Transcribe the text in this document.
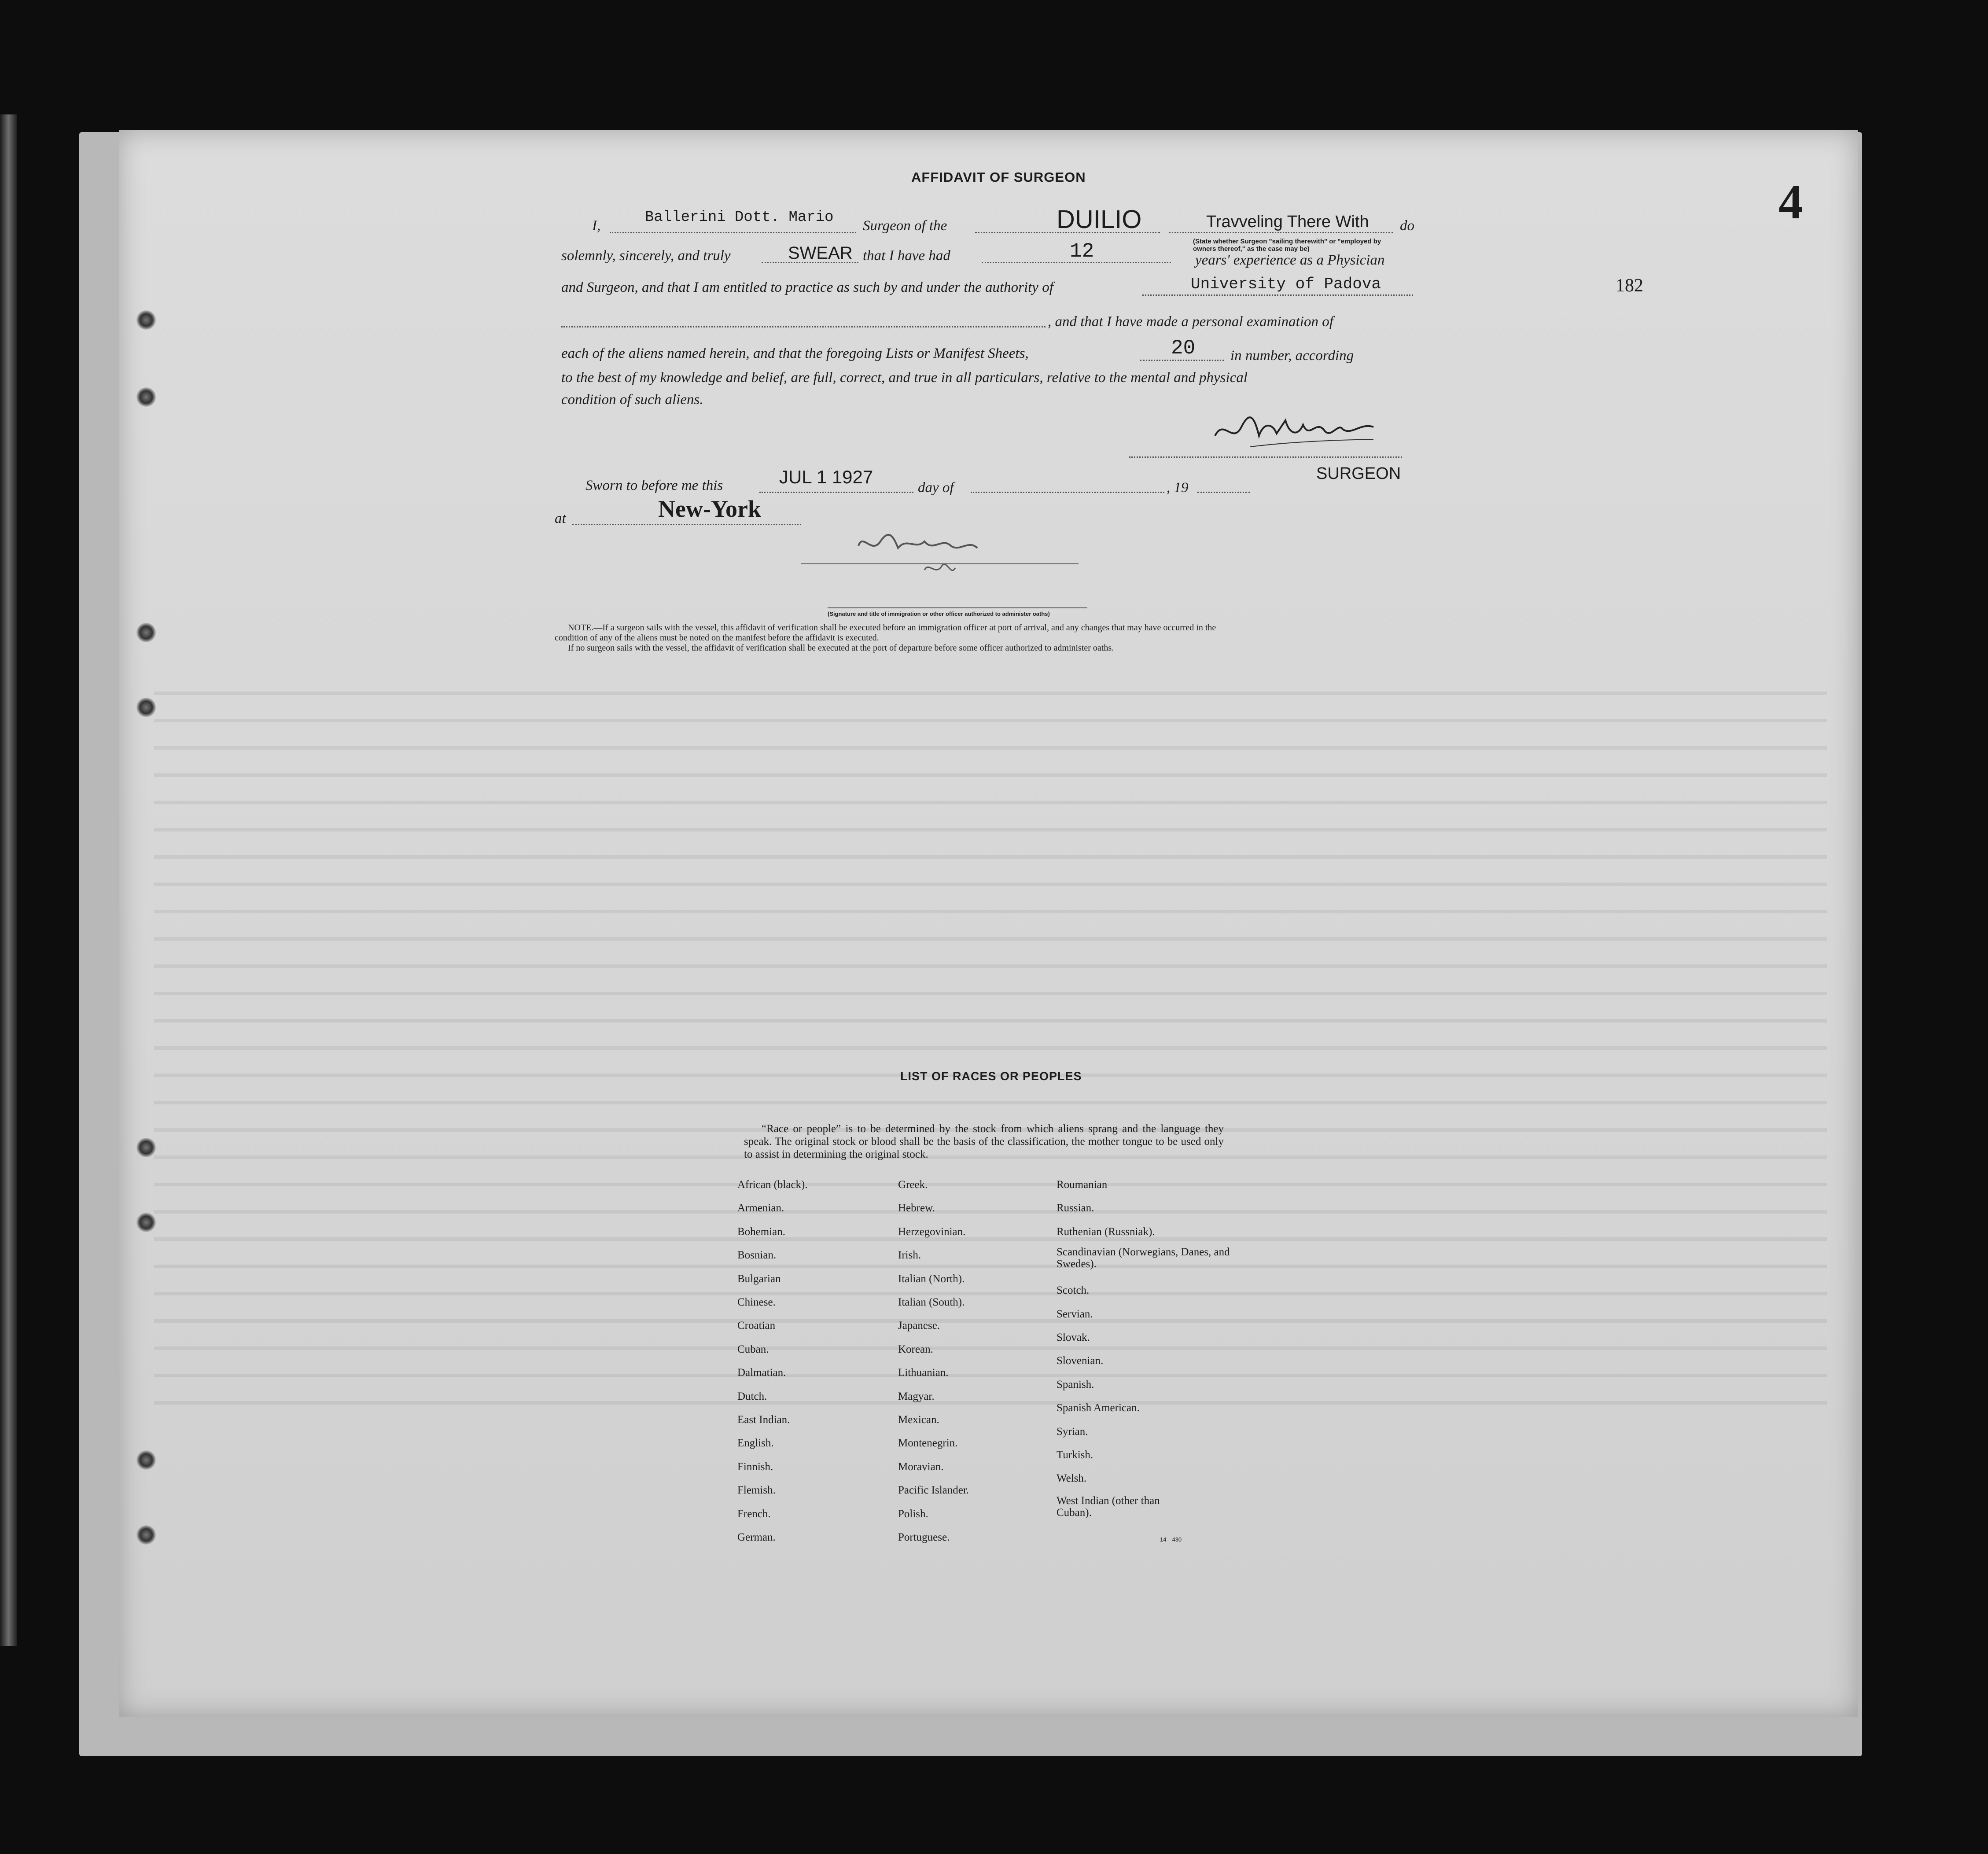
AFFIDAVIT OF SURGEON	4
182
I,	Ballerini Dott. Mario Surgeon of the	DUILIO	Travveling There With do
(State whether Surgeon "sailing therewith" or "employed by owners thereof," as the case may be)
solemnly, sincerely, and truly	SWEAR that I have had	12	years' experience as a Physician
and Surgeon, and that I am entitled to practice as such by and under the authority of	University of Padova
, and that I have made a personal examination of
each of the aliens named herein, and that the foregoing Lists or Manifest Sheets,	20 in number, according
to the best of my knowledge and belief, are full, correct, and true in all particulars, relative to the mental and physical
condition of such aliens.
SURGEON
Sworn to before me this	JUL 1 1927
day of	, 19
at	New-York
(Signature and title of immigration or other officer authorized to administer oaths)
NOTE.—If a surgeon sails with the vessel, this affidavit of verification shall be executed before an immigration officer at port of arrival, and any changes that may have occurred in the
condition of any of the aliens must be noted on the manifest before the affidavit is executed.
If no surgeon sails with the vessel, the affidavit of verification shall be executed at the port of departure before some officer authorized to administer oaths.
LIST OF RACES OR PEOPLES
“Race or people” is to be determined by the stock from which aliens sprang and the language they speak. The original stock or blood shall be the basis of the classification, the mother tongue to be used only to assist in determining the original stock.
African (black).
Armenian.
Bohemian.
Bosnian.
Bulgarian
Chinese.
Croatian
Cuban.
Dalmatian.
Dutch.
East Indian.
English.
Finnish.
Flemish.
French.
German.
Greek.
Hebrew.
Herzegovinian.
Irish.
Italian (North).
Italian (South).
Japanese.
Korean.
Lithuanian.
Magyar.
Mexican.
Montenegrin.
Moravian.
Pacific Islander.
Polish.
Portuguese.
Roumanian
Russian.
Ruthenian (Russniak).
Scandinavian (Norwegians, Danes, and Swedes).
Scotch.
Servian.
Slovak.
Slovenian.
Spanish.
Spanish American.
Syrian.
Turkish.
Welsh.
West Indian (other than Cuban).
14—430
